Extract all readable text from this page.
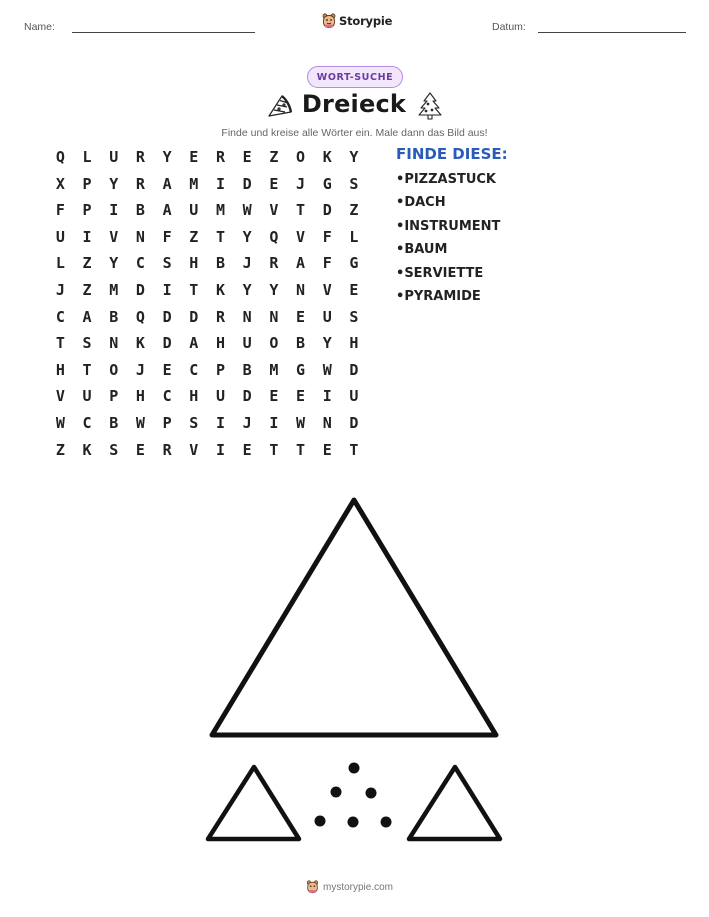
Name:	Storypie	Datum:
WORT-SUCHE
Dreieck
Finde und kreise alle Wörter ein. Male dann das Bild aus!
Q	L	U	R	Y	E	R	E	Z	O	K	Y
X	P	Y	R	A	M	I	D	E	J	G	S
F	P	I	B	A	U	M	W	V	T	D	Z
U	I	V	N	F	Z	T	Y	Q	V	F	L
L	Z	Y	C	S	H	B	J	R	A	F	G
J	Z	M	D	I	T	K	Y	Y	N	V	E
C	A	B	Q	D	D	R	N	N	E	U	S
T	S	N	K	D	A	H	U	O	B	Y	H
H	T	O	J	E	C	P	B	M	G	W	D
V	U	P	H	C	H	U	D	E	E	I	U
W	C	B	W	P	S	I	J	I	W	N	D
Z	K	S	E	R	V	I	E	T	T	E	T
FINDE DIESE:
• PIZZASTUCK
• DACH
• INSTRUMENT
• BAUM
• SERVIETTE
• PYRAMIDE
mystorypie.com
